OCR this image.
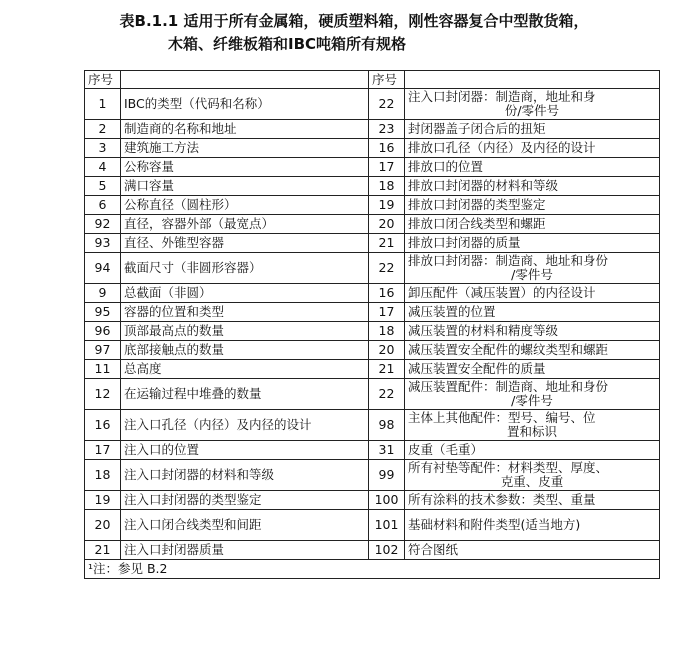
表B.1.1 适用于所有金属箱，硬质塑料箱，刚性容器复合中型散货箱，
木箱、纤维板箱和IBC吨箱所有规格
序号		序号	
1	IBC的类型（代码和名称）	22	注入口封闭器：制造商，地址和身
份/零件号

2	制造商的名称和地址	23	封闭器盖子闭合后的扭矩

3	建筑施工方法	16	排放口孔径（内径）及内径的设计

4	公称容量	17	排放口的位置

5	满口容量	18	排放口封闭器的材料和等级

6	公称直径（圆柱形）	19	排放口封闭器的类型鉴定

92	直径，容器外部（最宽点）	20	排放口闭合线类型和螺距

93	直径、外锥型容器	21	排放口封闭器的质量

94	截面尺寸（非圆形容器）	22	排放口封闭器：制造商、地址和身份
/零件号

9	总截面（非圆）	16	卸压配件（减压装置）的内径设计

95	容器的位置和类型	17	减压装置的位置

96	顶部最高点的数量	18	减压装置的材料和精度等级

97	底部接触点的数量	20	减压装置安全配件的螺纹类型和螺距

11	总高度	21	减压装置安全配件的质量

12	在运输过程中堆叠的数量	22	减压装置配件：制造商、地址和身份
/零件号

16	注入口孔径（内径）及内径的设计	98	主体上其他配件：型号、编号、位
置和标识

17	注入口的位置	31	皮重（毛重）

18	注入口封闭器的材料和等级	99	所有衬垫等配件：材料类型、厚度、
克重、皮重

19	注入口封闭器的类型鉴定	100	所有涂料的技术参数：类型、重量

20	注入口闭合线类型和间距	101	基础材料和附件类型(适当地方)

21	注入口封闭器质量	102	符合图纸

¹注：参见 B.2			
